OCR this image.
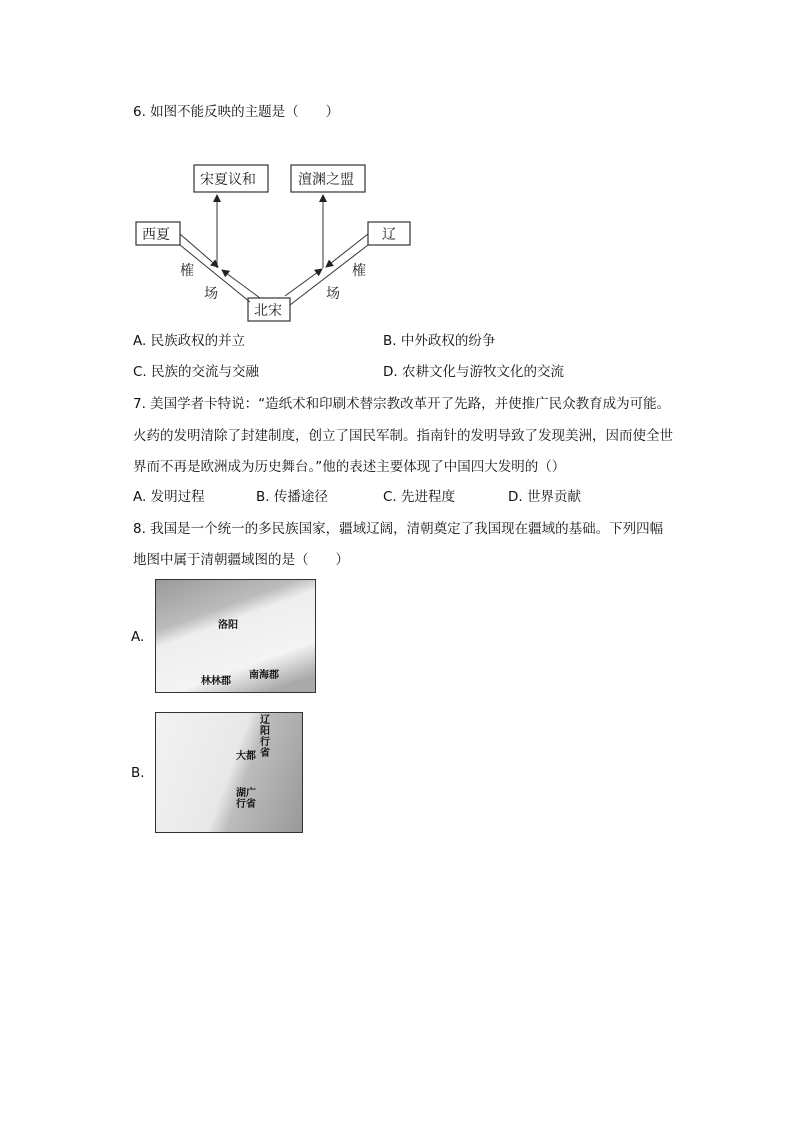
6. 如图不能反映的主题是（　　）
宋夏议和	澶渊之盟
西夏	辽
北宋
榷
场
榷
场
A. 民族政权的并立	B. 中外政权的纷争
C. 民族的交流与交融	D. 农耕文化与游牧文化的交流
7. 美国学者卡特说：“造纸术和印刷术替宗教改革开了先路，并使推广民众教育成为可能。
火药的发明清除了封建制度，创立了国民军制。指南针的发明导致了发现美洲，因而使全世
界而不再是欧洲成为历史舞台。”他的表述主要体现了中国四大发明的（）
A. 发明过程	B. 传播途径	C. 先进程度	D. 世界贡献
8. 我国是一个统一的多民族国家，疆域辽阔，清朝奠定了我国现在疆域的基础。下列四幅
地图中属于清朝疆域图的是（　　）
A.
洛阳
林林郡
南海郡
B.
辽阳行省
大都
湖广行省
